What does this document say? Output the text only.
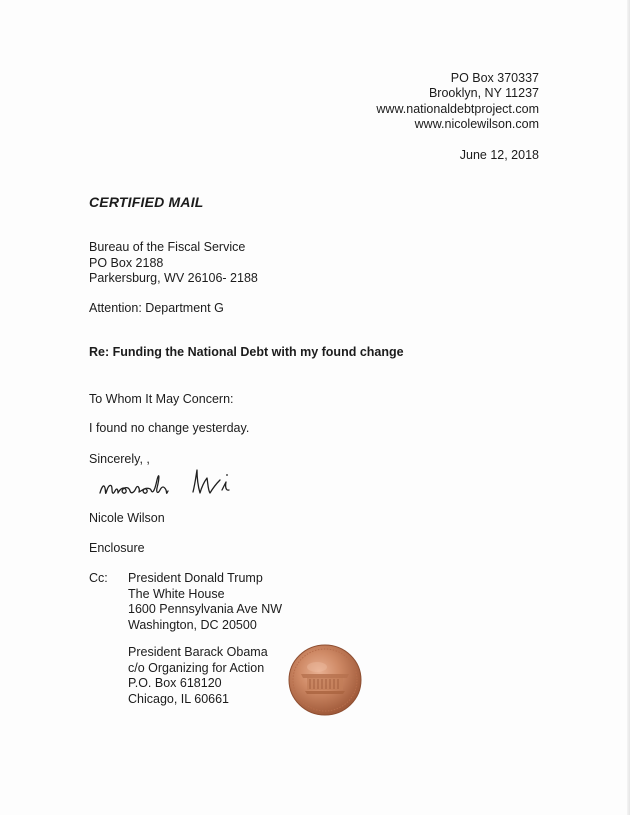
PO Box 370337
Brooklyn, NY 11237
www.nationaldebtproject.com
www.nicolewilson.com
June 12, 2018
CERTIFIED MAIL
Bureau of the Fiscal Service
PO Box 2188
Parkersburg, WV 26106- 2188
Attention: Department G
Re: Funding the National Debt with my found change
To Whom It May Concern:
I found no change yesterday.
Sincerely, ,
Nicole Wilson
Enclosure
Cc: President Donald Trump
The White House
1600 Pennsylvania Ave NW
Washington, DC 20500
President Barack Obama
c/o Organizing for Action
P.O. Box 618120
Chicago, IL 60661
